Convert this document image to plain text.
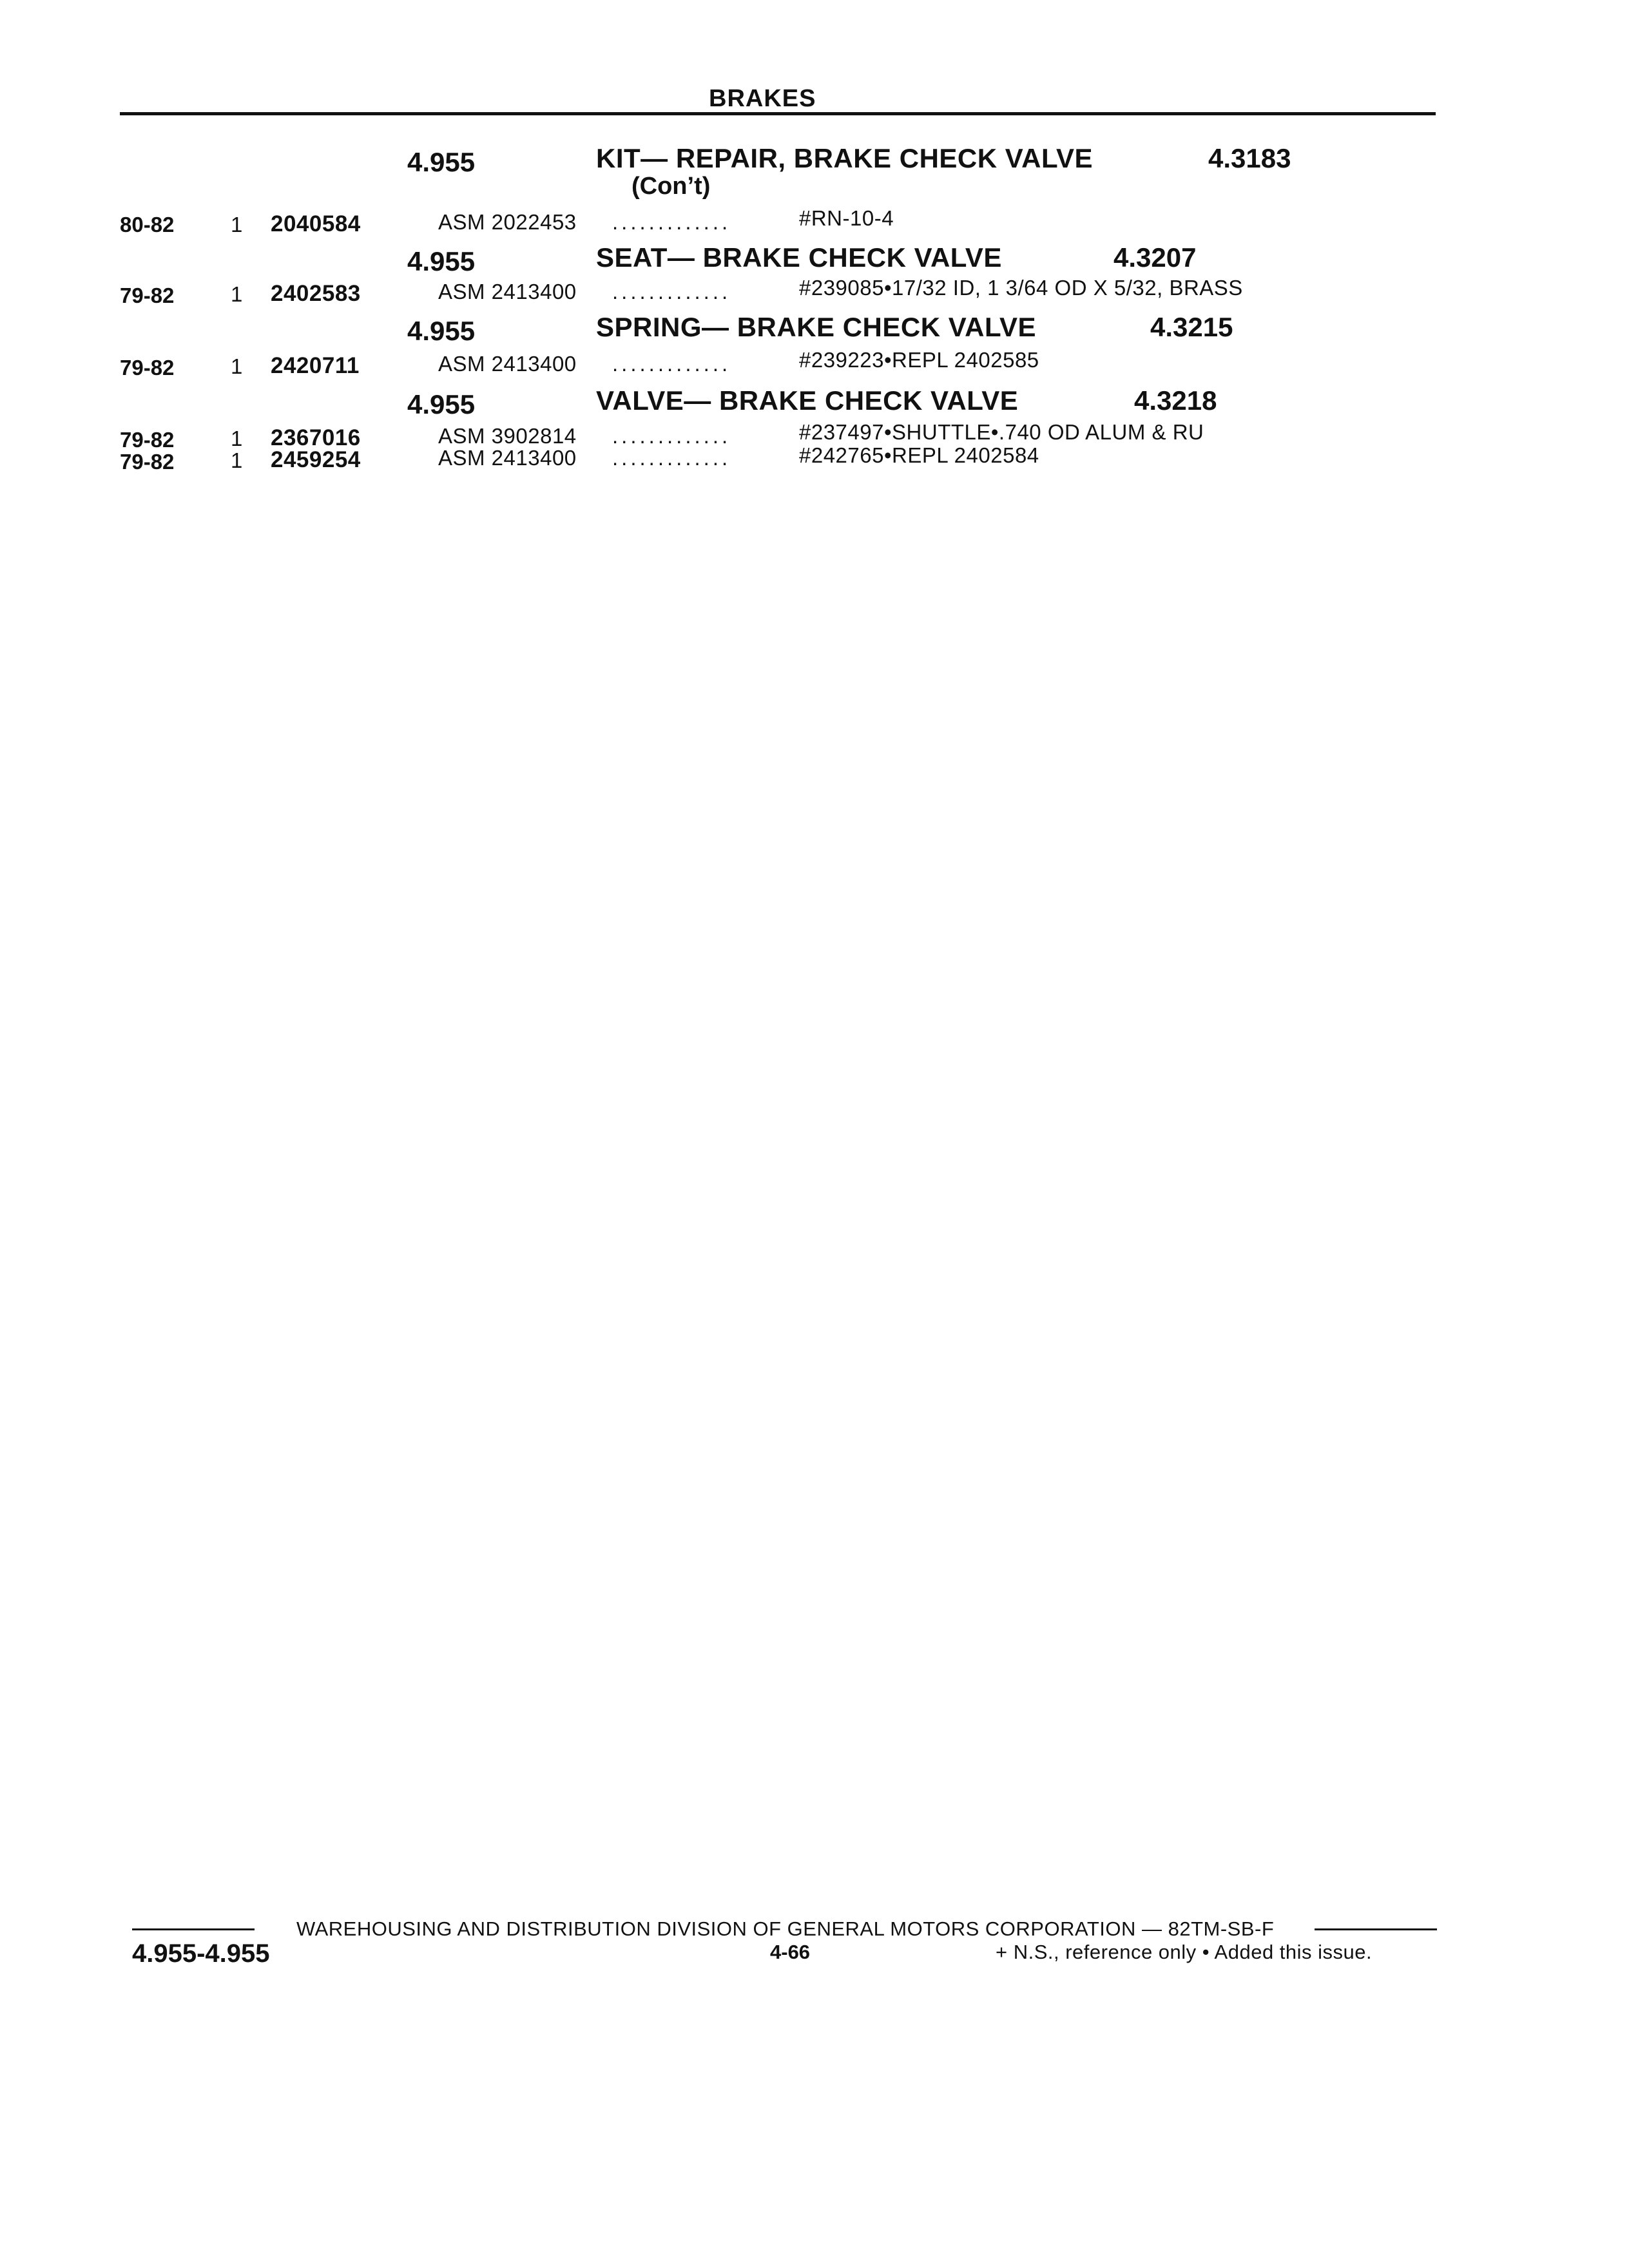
BRAKES
4.955	KIT— REPAIR, BRAKE CHECK VALVE	4.3183
(Con’t)
80-82	1 2040584	ASM 2022453 .............	#RN-10-4
4.955	SEAT— BRAKE CHECK VALVE	4.3207
79-82	1 2402583	ASM 2413400 .............	#239085•17/32 ID, 1 3/64 OD X 5/32, BRASS
4.955	SPRING— BRAKE CHECK VALVE	4.3215
79-82	1 2420711	ASM 2413400 .............	#239223•REPL 2402585
4.955	VALVE— BRAKE CHECK VALVE	4.3218
79-82	1 2367016	ASM 3902814 .............	#237497•SHUTTLE•.740 OD ALUM & RU
79-82	1 2459254	ASM 2413400 .............	#242765•REPL 2402584
WAREHOUSING AND DISTRIBUTION DIVISION OF GENERAL MOTORS CORPORATION — 82TM-SB-F
4.955-4.955	4-66	+ N.S., reference only • Added this issue.
